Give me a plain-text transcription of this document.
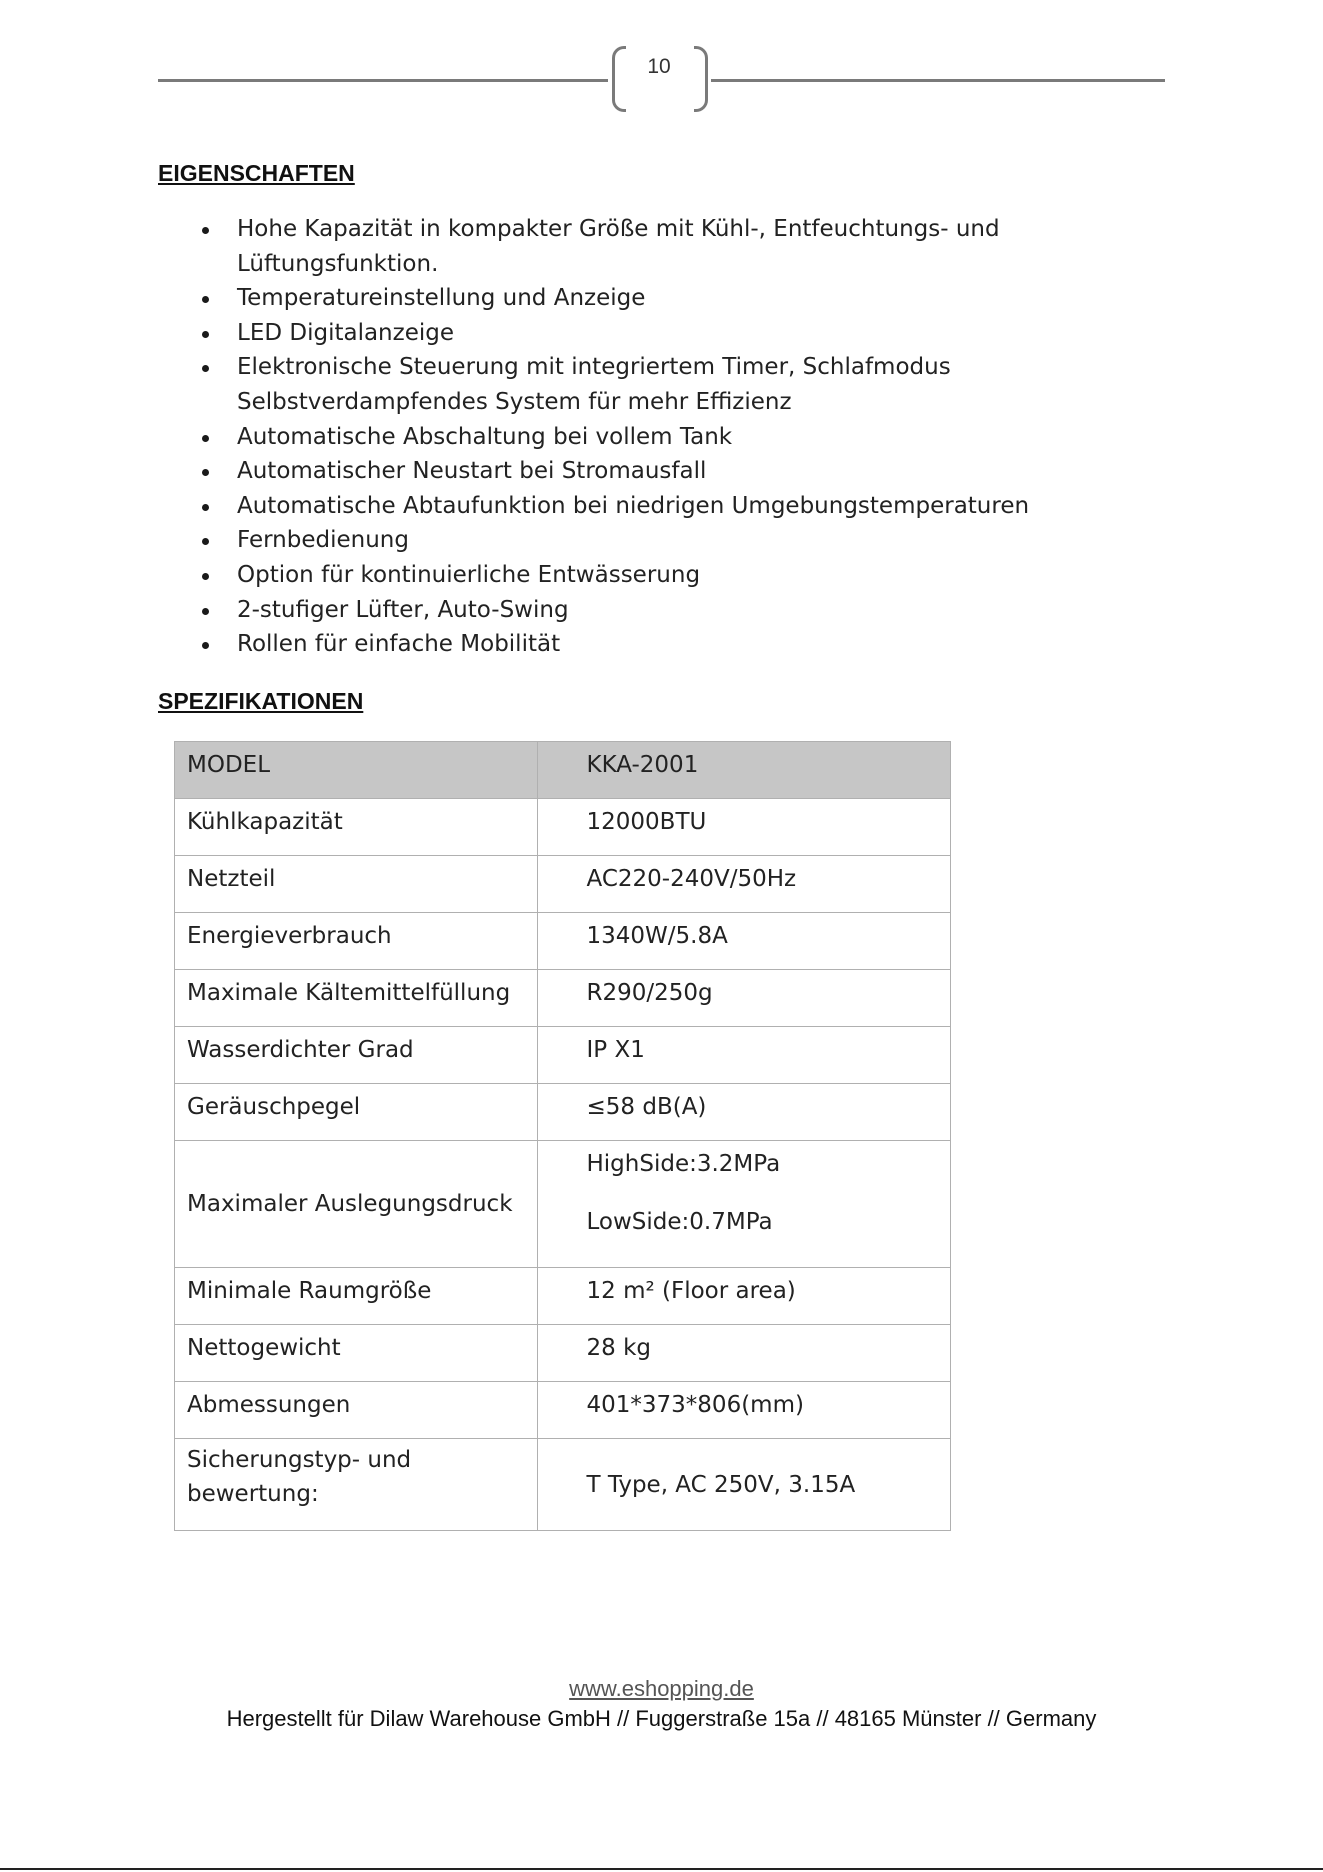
10
EIGENSCHAFTEN
Hohe Kapazität in kompakter Größe mit Kühl-, Entfeuchtungs- und Lüftungsfunktion.
Temperatureinstellung und Anzeige
LED Digitalanzeige
Elektronische Steuerung mit integriertem Timer, Schlafmodus Selbstverdampfendes System für mehr Effizienz
Automatische Abschaltung bei vollem Tank
Automatischer Neustart bei Stromausfall
Automatische Abtaufunktion bei niedrigen Umgebungstemperaturen
Fernbedienung
Option für kontinuierliche Entwässerung
2-stufiger Lüfter, Auto-Swing
Rollen für einfache Mobilität
SPEZIFIKATIONEN
MODEL	KKA-2001
Kühlkapazität	12000BTU
Netzteil	AC220-240V/50Hz
Energieverbrauch	1340W/5.8A
Maximale Kältemittelfüllung	R290/250g
Wasserdichter Grad	IP X1
Geräuschpegel	≤58 dB(A)
Maximaler Auslegungsdruck	HighSide:3.2MPa
LowSide:0.7MPa

Minimale Raumgröße	12 m² (Floor area)
Nettogewicht	28 kg
Abmessungen	401*373*806(mm)
Sicherungstyp- und
bewertung:	T Type, AC 250V, 3.15A
www.eshopping.de
Hergestellt für Dilaw Warehouse GmbH // Fuggerstraße 15a // 48165 Münster // Germany
